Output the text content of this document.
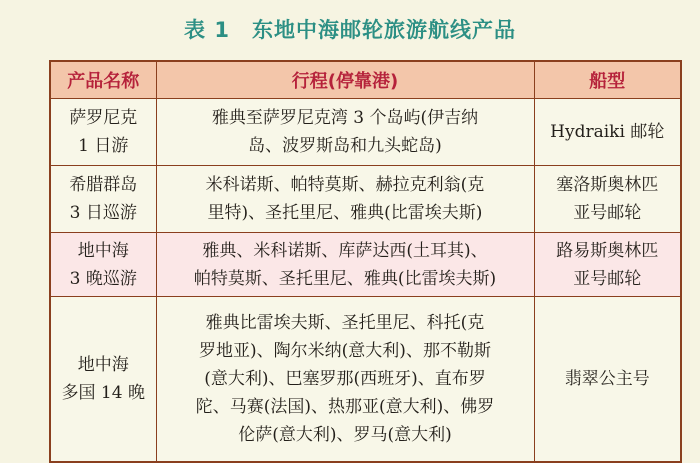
表 1　东地中海邮轮旅游航线产品
产品名称	行程(停靠港)	船型

萨罗尼克
1 日游	雅典至萨罗尼克湾 3 个岛屿(伊吉纳
岛、波罗斯岛和九头蛇岛)	Hydraiki 邮轮

希腊群岛
3 日巡游	米科诺斯、帕特莫斯、赫拉克利翁(克
里特)、圣托里尼、雅典(比雷埃夫斯)	塞洛斯奥林匹
亚号邮轮

地中海
3 晚巡游	雅典、米科诺斯、库萨达西(土耳其)、
帕特莫斯、圣托里尼、雅典(比雷埃夫斯)	路易斯奥林匹
亚号邮轮

地中海
多国 14 晚	雅典比雷埃夫斯、圣托里尼、科托(克
罗地亚)、陶尔米纳(意大利)、那不勒斯
(意大利)、巴塞罗那(西班牙)、直布罗
陀、马赛(法国)、热那亚(意大利)、佛罗
伦萨(意大利)、罗马(意大利)	翡翠公主号
